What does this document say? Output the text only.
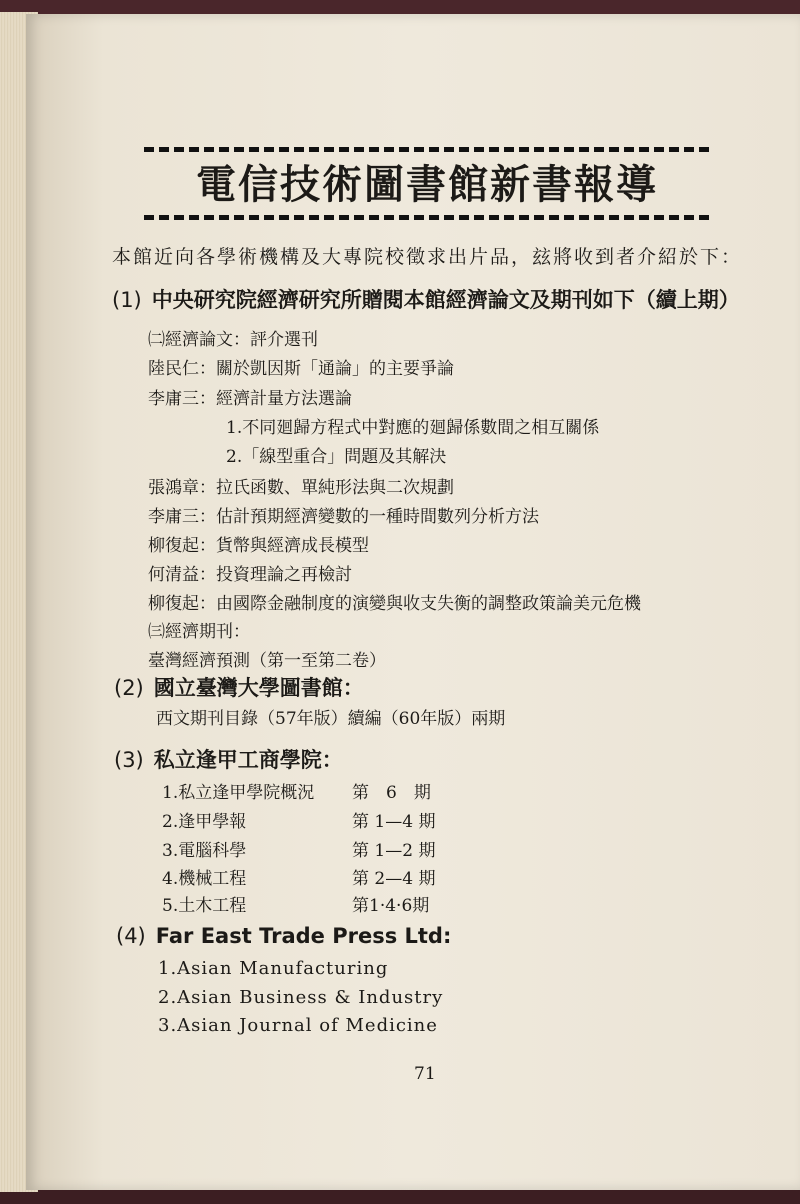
電信技術圖書館新書報導
本館近向各學術機構及大專院校徵求出片品，玆將收到者介紹於下：
(1) 中央研究院經濟研究所贈閱本館經濟論文及期刊如下（續上期）
㈡經濟論文：評介選刊
陸民仁：關於凱因斯「通論」的主要爭論
李庸三：經濟計量方法選論
1.不同廻歸方程式中對應的廻歸係數間之相互關係
2.「線型重合」問題及其解決
張鴻章：拉氏函數、單純形法與二次規劃
李庸三：估計預期經濟變數的一種時間數列分析方法
柳復起：貨幣與經濟成長模型
何清益：投資理論之再檢討
柳復起：由國際金融制度的演變與收支失衡的調整政策論美元危機
㈢經濟期刊：
臺灣經濟預測（第一至第二卷）
(2) 國立臺灣大學圖書館：
西文期刊目錄（57年版）續編（60年版）兩期
(3) 私立逢甲工商學院：
1.私立逢甲學院概況 第　6　期
2.逢甲學報	第 1—4 期
3.電腦科學	第 1—2 期
4.機械工程	第 2—4 期
5.土木工程	第1·4·6期
(4) Far East Trade Press Ltd:
1.Asian Manufacturing
2.Asian Business & Industry
3.Asian Journal of Medicine
71
